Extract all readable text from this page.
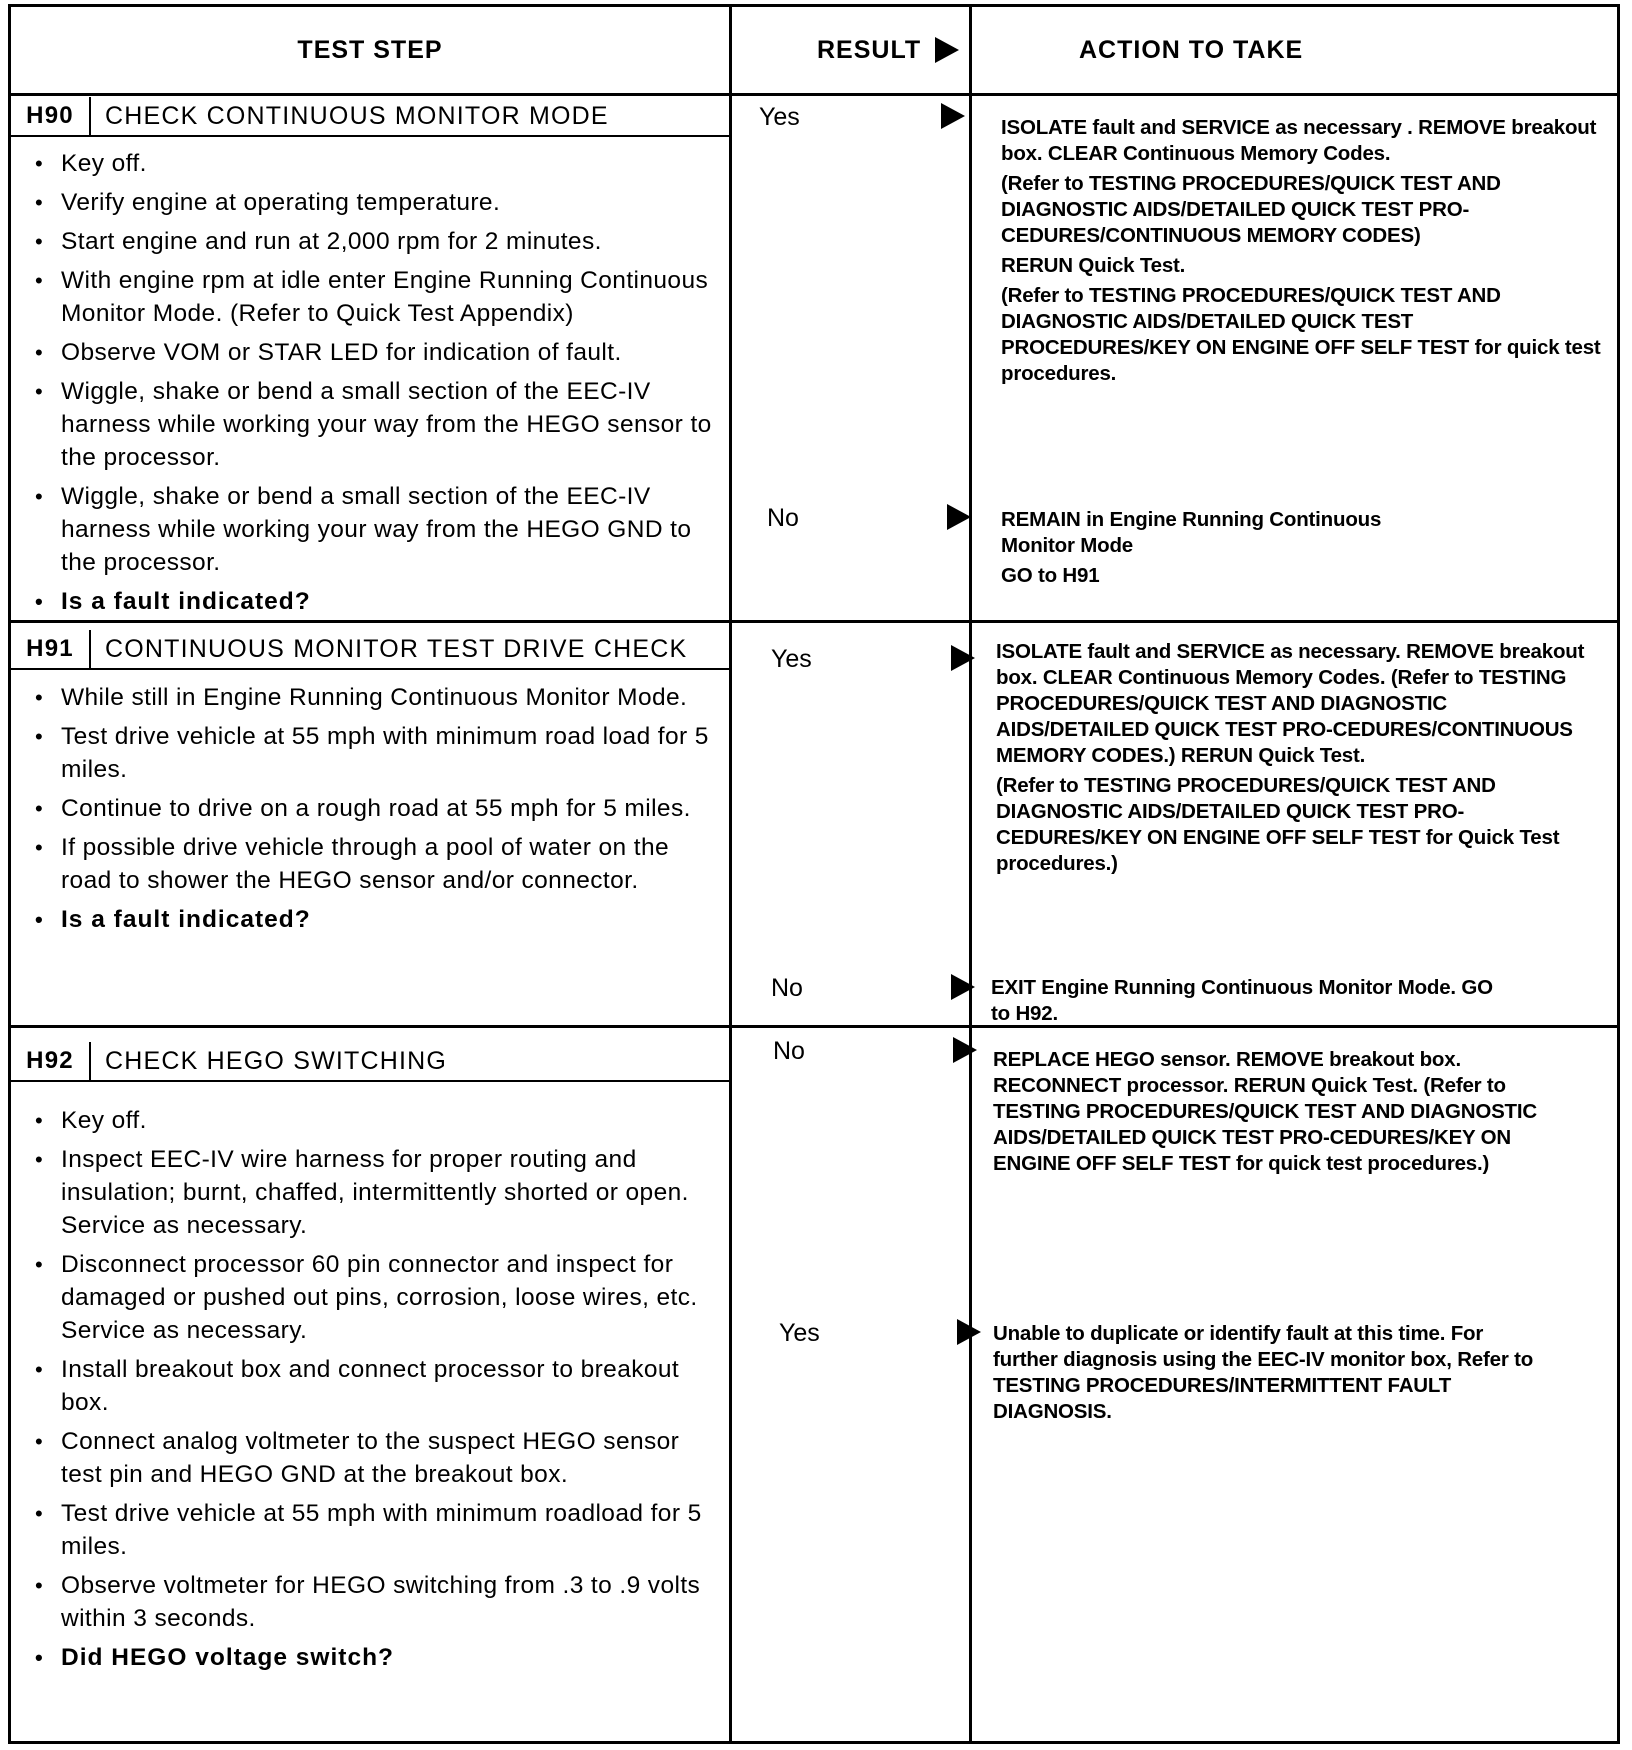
TEST STEP	RESULT	ACTION TO TAKE
H90	CHECK CONTINUOUS MONITOR MODE
• Key off.
• Verify engine at operating temperature.
• Start engine and run at 2,000 rpm for 2 minutes.
• With engine rpm at idle enter Engine Running Continuous Monitor Mode. (Refer to Quick Test Appendix)
• Observe VOM or STAR LED for indication of fault.
• Wiggle, shake or bend a small section of the EEC-IV harness while working your way from the HEGO sensor to the processor.
• Wiggle, shake or bend a small section of the EEC-IV harness while working your way from the HEGO GND to the processor.
• Is a fault indicated?
Yes	ISOLATE fault and SERVICE as necessary . REMOVE breakout box. CLEAR Continuous Memory Codes.

(Refer to TESTING PROCEDURES/QUICK TEST AND DIAGNOSTIC AIDS/DETAILED QUICK TEST PRO-CEDURES/CONTINUOUS MEMORY CODES)

RERUN Quick Test.

(Refer to TESTING PROCEDURES/QUICK TEST AND DIAGNOSTIC AIDS/DETAILED QUICK TEST PROCEDURES/KEY ON ENGINE OFF SELF TEST for quick test procedures.

No	REMAIN in Engine Running Continuous Monitor Mode

GO to H91

H91	CONTINUOUS MONITOR TEST DRIVE CHECK
• While still in Engine Running Continuous Monitor Mode.
• Test drive vehicle at 55 mph with minimum road load for 5 miles.
• Continue to drive on a rough road at 55 mph for 5 miles.
• If possible drive vehicle through a pool of water on the road to shower the HEGO sensor and/or connector.
• Is a fault indicated?
Yes	ISOLATE fault and SERVICE as necessary. REMOVE breakout box. CLEAR Continuous Memory Codes. (Refer to TESTING PROCEDURES/QUICK TEST AND DIAGNOSTIC AIDS/DETAILED QUICK TEST PRO-CEDURES/CONTINUOUS MEMORY CODES.) RERUN Quick Test.

(Refer to TESTING PROCEDURES/QUICK TEST AND DIAGNOSTIC AIDS/DETAILED QUICK TEST PRO-CEDURES/KEY ON ENGINE OFF SELF TEST for Quick Test procedures.)

No	EXIT Engine Running Continuous Monitor Mode. GO to H92.

H92	CHECK HEGO SWITCHING
• Key off.
• Inspect EEC-IV wire harness for proper routing and insulation; burnt, chaffed, intermittently shorted or open. Service as necessary.
• Disconnect processor 60 pin connector and inspect for damaged or pushed out pins, corrosion, loose wires, etc. Service as necessary.
• Install breakout box and connect processor to breakout box.
• Connect analog voltmeter to the suspect HEGO sensor test pin and HEGO GND at the breakout box.
• Test drive vehicle at 55 mph with minimum roadload for 5 miles.
• Observe voltmeter for HEGO switching from .3 to .9 volts within 3 seconds.
• Did HEGO voltage switch?
No	REPLACE HEGO sensor. REMOVE breakout box. RECONNECT processor. RERUN Quick Test. (Refer to TESTING PROCEDURES/QUICK TEST AND DIAGNOSTIC AIDS/DETAILED QUICK TEST PRO-CEDURES/KEY ON ENGINE OFF SELF TEST for quick test procedures.)

Yes	Unable to duplicate or identify fault at this time. For further diagnosis using the EEC-IV monitor box, Refer to TESTING PROCEDURES/INTERMITTENT FAULT DIAGNOSIS.
